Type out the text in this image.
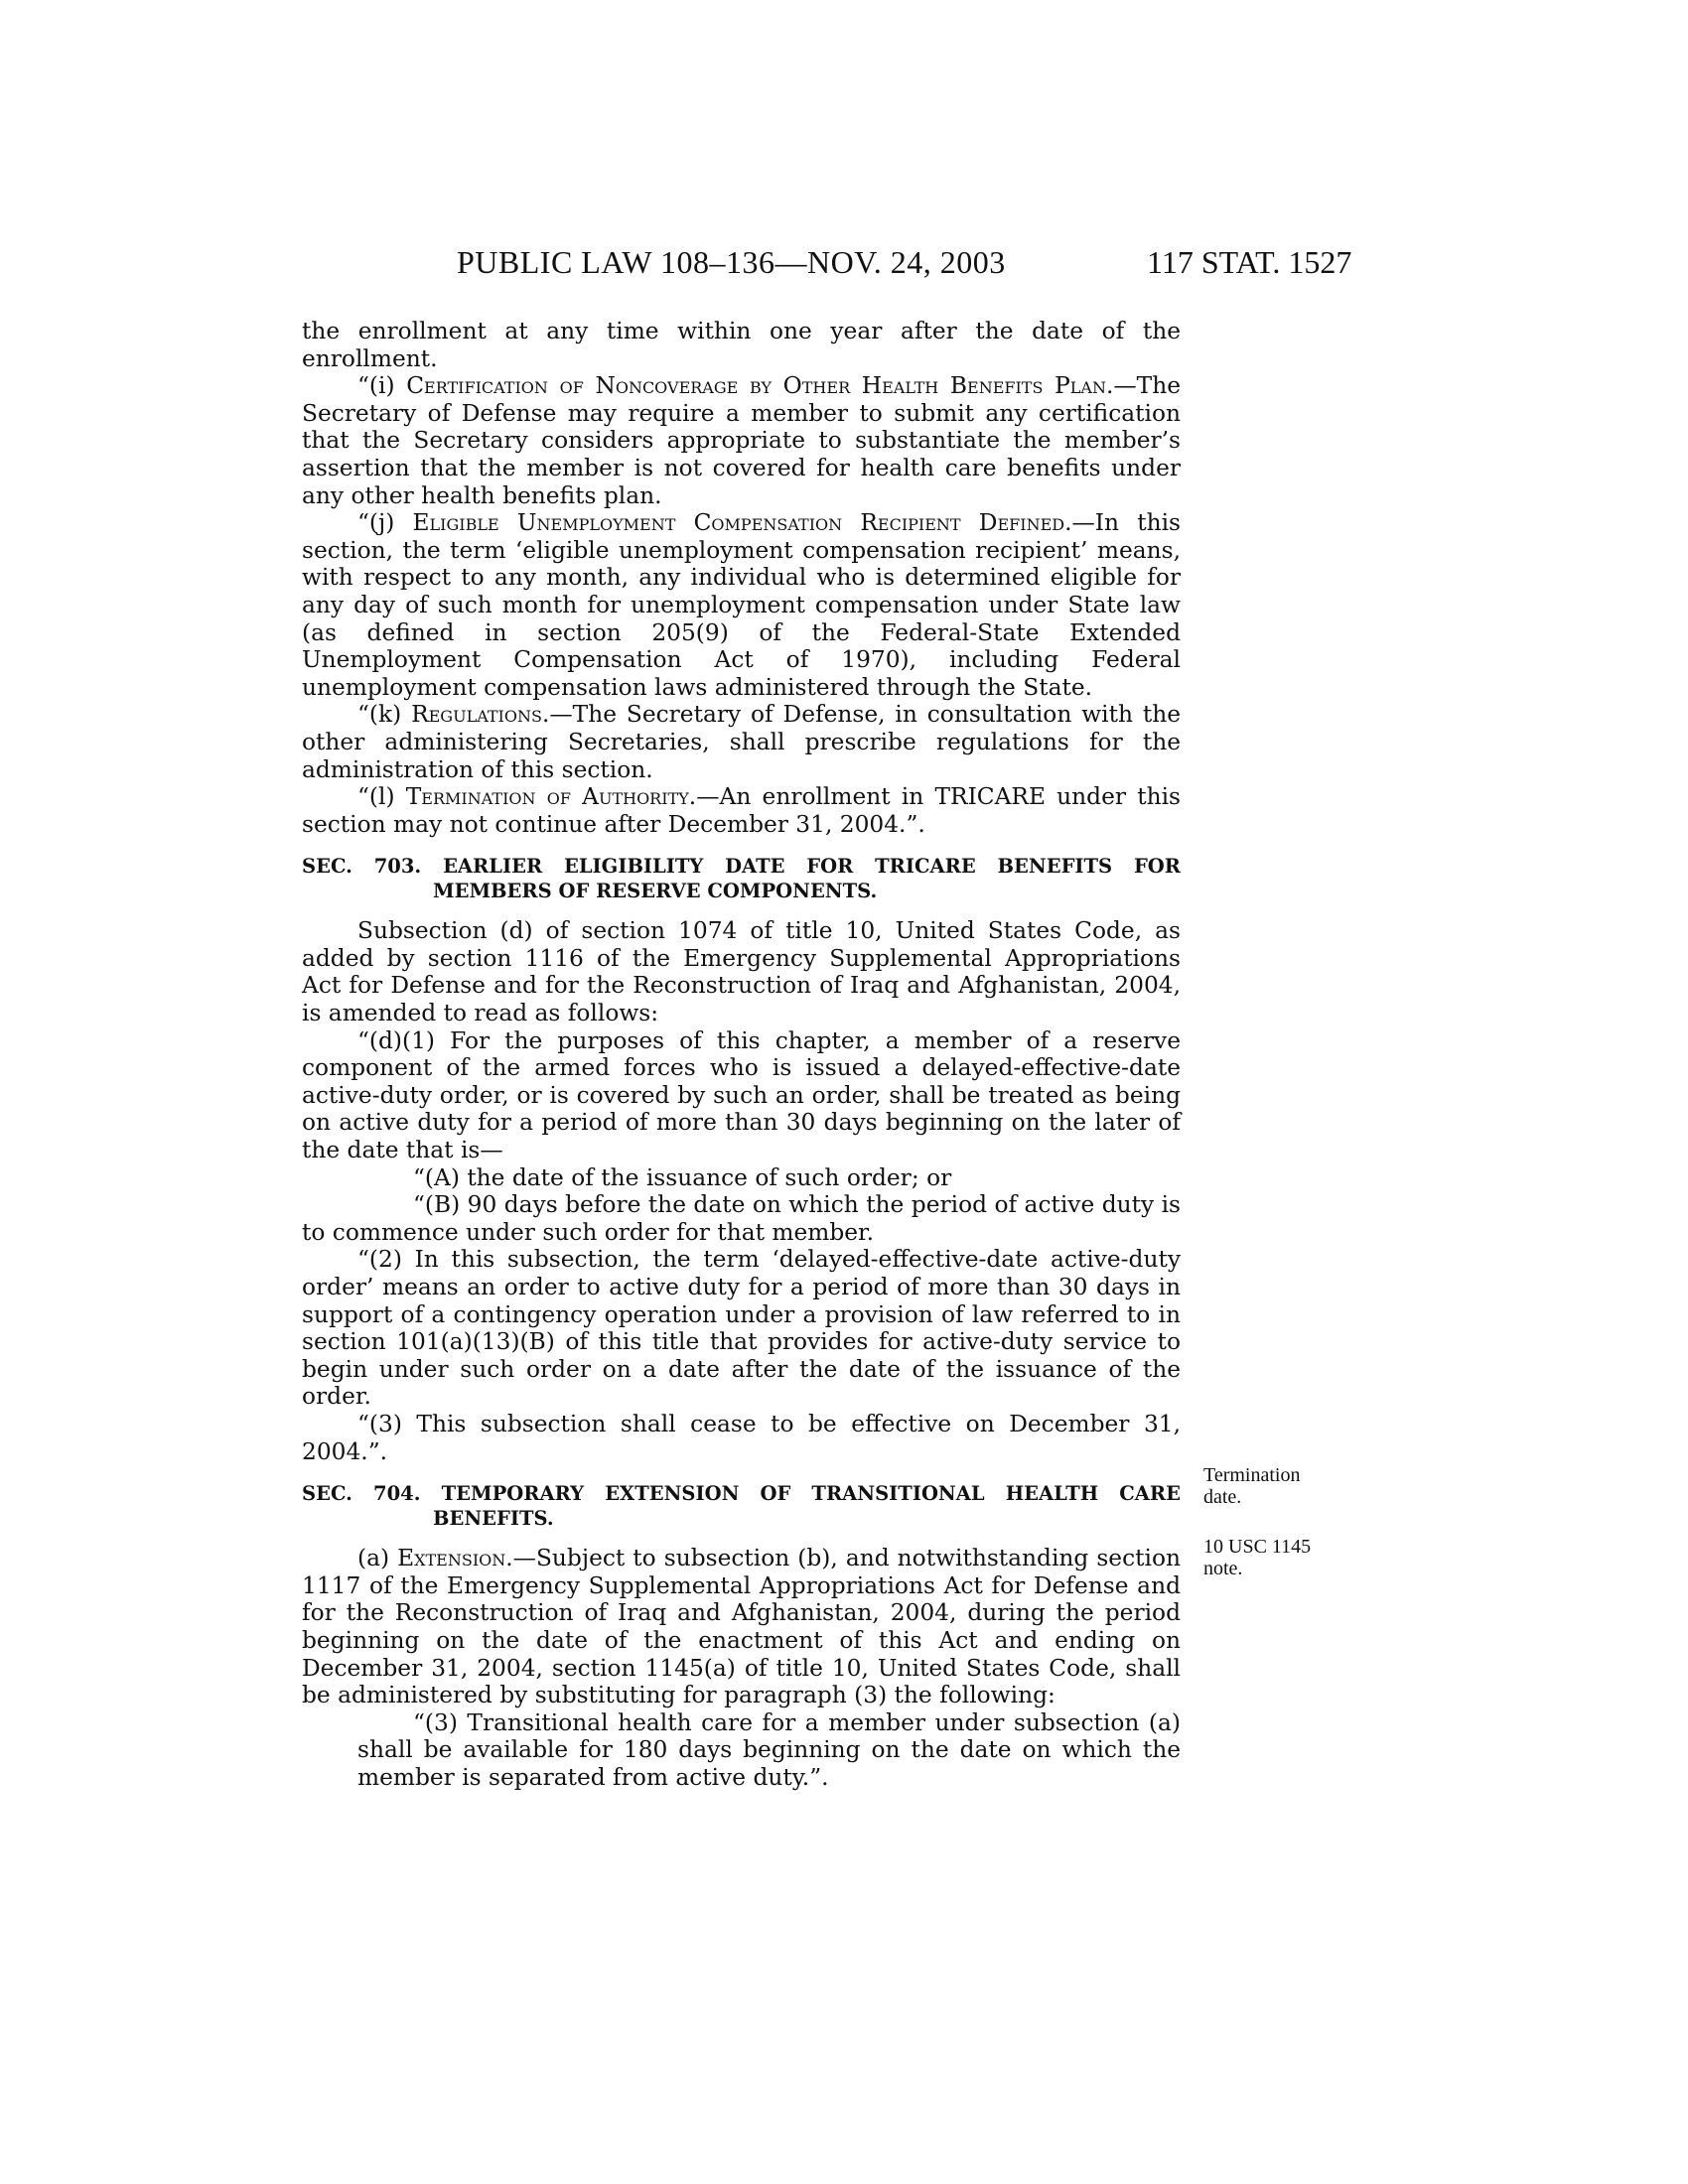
PUBLIC LAW 108–136—NOV. 24, 2003	117 STAT. 1527

the enrollment at any time within one year after the date of the enrollment.

“(i) Certification of Noncoverage by Other Health Benefits Plan.—The Secretary of Defense may require a member to submit any certification that the Secretary considers appropriate to substantiate the member’s assertion that the member is not covered for health care benefits under any other health benefits plan.

“(j) Eligible Unemployment Compensation Recipient Defined.—In this section, the term ‘eligible unemployment compensation recipient’ means, with respect to any month, any individual who is determined eligible for any day of such month for unemployment compensation under State law (as defined in section 205(9) of the Federal-State Extended Unemployment Compensation Act of 1970), including Federal unemployment compensation laws administered through the State.

“(k) Regulations.—The Secretary of Defense, in consultation with the other administering Secretaries, shall prescribe regulations for the administration of this section.

“(l) Termination of Authority.—An enrollment in TRICARE under this section may not continue after December 31, 2004.”.

SEC. 703. EARLIER ELIGIBILITY DATE FOR TRICARE BENEFITS FOR MEMBERS OF RESERVE COMPONENTS.

Subsection (d) of section 1074 of title 10, United States Code, as added by section 1116 of the Emergency Supplemental Appropriations Act for Defense and for the Reconstruction of Iraq and Afghanistan, 2004, is amended to read as follows:

“(d)(1) For the purposes of this chapter, a member of a reserve component of the armed forces who is issued a delayed-effective-date active-duty order, or is covered by such an order, shall be treated as being on active duty for a period of more than 30 days beginning on the later of the date that is—

“(A) the date of the issuance of such order; or

“(B) 90 days before the date on which the period of active duty is to commence under such order for that member.

“(2) In this subsection, the term ‘delayed-effective-date active-duty order’ means an order to active duty for a period of more than 30 days in support of a contingency operation under a provision of law referred to in section 101(a)(13)(B) of this title that provides for active-duty service to begin under such order on a date after the date of the issuance of the order.

“(3) This subsection shall cease to be effective on December 31, 2004.”.

SEC. 704. TEMPORARY EXTENSION OF TRANSITIONAL HEALTH CARE BENEFITS.

(a) Extension.—Subject to subsection (b), and notwithstanding section 1117 of the Emergency Supplemental Appropriations Act for Defense and for the Reconstruction of Iraq and Afghanistan, 2004, during the period beginning on the date of the enactment of this Act and ending on December 31, 2004, section 1145(a) of title 10, United States Code, shall be administered by substituting for paragraph (3) the following:

“(3) Transitional health care for a member under subsection (a) shall be available for 180 days beginning on the date on which the member is separated from active duty.”.

Termination
date.
10 USC 1145
note.
